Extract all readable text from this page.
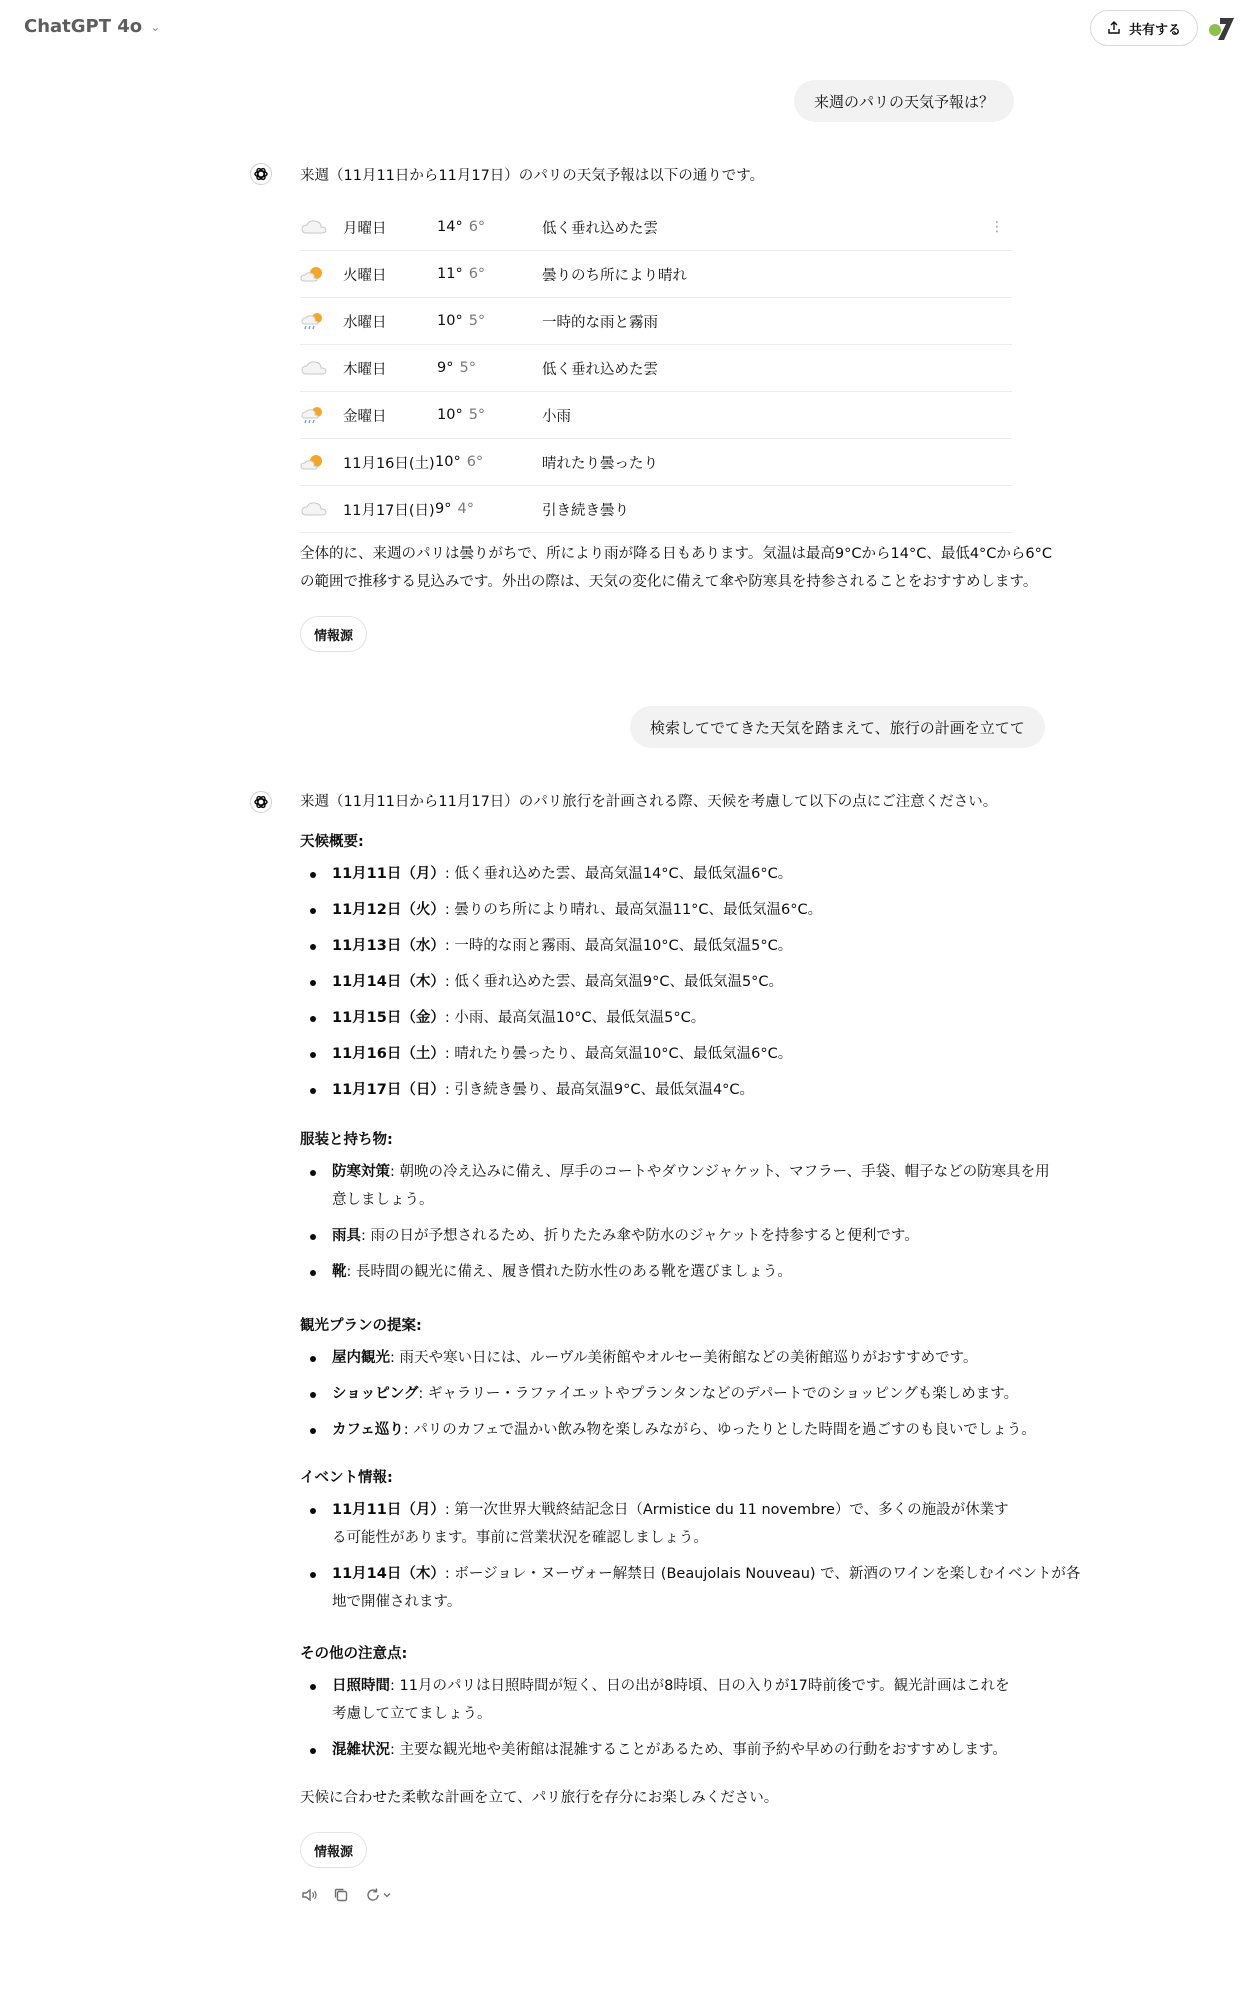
ChatGPT 4o ⌄	共有する
来週のパリの天気予報は？
来週（11月11日から11月17日）のパリの天気予報は以下の通りです。
月曜日	14° 6°	低く垂れ込めた雲	⋮
火曜日	11° 6°	曇りのち所により晴れ
水曜日	10° 5°	一時的な雨と霧雨
木曜日	9° 5°	低く垂れ込めた雲
金曜日	10° 5°	小雨
11月16日(土) 10° 6°	晴れたり曇ったり
11月17日(日) 9° 4°	引き続き曇り
全体的に、来週のパリは曇りがちで、所により雨が降る日もあります。気温は最高9°Cから14°C、最低4°Cから6°C
の範囲で推移する見込みです。外出の際は、天気の変化に備えて傘や防寒具を持参されることをおすすめします。
情報源
検索してでてきた天気を踏まえて、旅行の計画を立てて
来週（11月11日から11月17日）のパリ旅行を計画される際、天候を考慮して以下の点にご注意ください。
天候概要:
11月11日（月）: 低く垂れ込めた雲、最高気温14°C、最低気温6°C。
11月12日（火）: 曇りのち所により晴れ、最高気温11°C、最低気温6°C。
11月13日（水）: 一時的な雨と霧雨、最高気温10°C、最低気温5°C。
11月14日（木）: 低く垂れ込めた雲、最高気温9°C、最低気温5°C。
11月15日（金）: 小雨、最高気温10°C、最低気温5°C。
11月16日（土）: 晴れたり曇ったり、最高気温10°C、最低気温6°C。
11月17日（日）: 引き続き曇り、最高気温9°C、最低気温4°C。
服装と持ち物:
防寒対策: 朝晩の冷え込みに備え、厚手のコートやダウンジャケット、マフラー、手袋、帽子などの防寒具を用
意しましょう。
雨具: 雨の日が予想されるため、折りたたみ傘や防水のジャケットを持参すると便利です。
靴: 長時間の観光に備え、履き慣れた防水性のある靴を選びましょう。
観光プランの提案:
屋内観光: 雨天や寒い日には、ルーヴル美術館やオルセー美術館などの美術館巡りがおすすめです。
ショッピング: ギャラリー・ラファイエットやプランタンなどのデパートでのショッピングも楽しめます。
カフェ巡り: パリのカフェで温かい飲み物を楽しみながら、ゆったりとした時間を過ごすのも良いでしょう。
イベント情報:
11月11日（月）: 第一次世界大戦終結記念日（Armistice du 11 novembre）で、多くの施設が休業す
る可能性があります。事前に営業状況を確認しましょう。
11月14日（木）: ボージョレ・ヌーヴォー解禁日 (Beaujolais Nouveau) で、新酒のワインを楽しむイベントが各
地で開催されます。
その他の注意点:
日照時間: 11月のパリは日照時間が短く、日の出が8時頃、日の入りが17時前後です。観光計画はこれを
考慮して立てましょう。
混雑状況: 主要な観光地や美術館は混雑することがあるため、事前予約や早めの行動をおすすめします。
天候に合わせた柔軟な計画を立て、パリ旅行を存分にお楽しみください。
情報源
